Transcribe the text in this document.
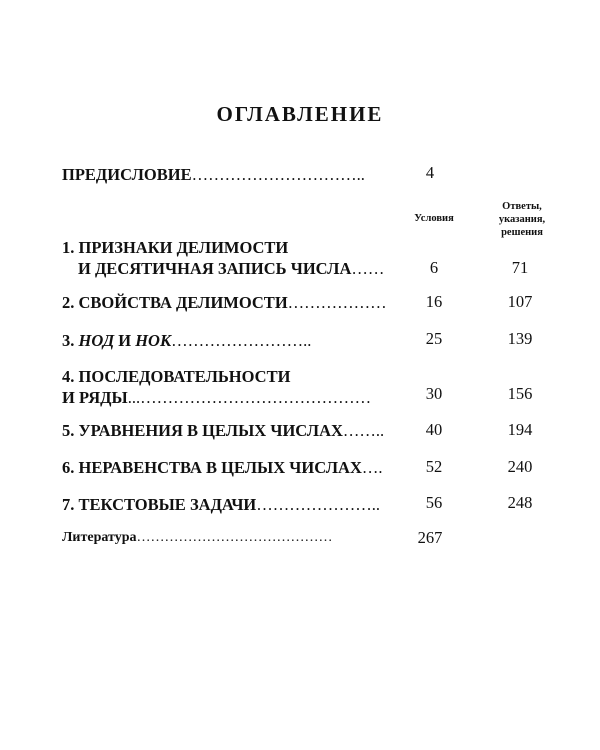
ОГЛАВЛЕНИЕ
ПРЕДИСЛОВИЕ…………………………..	4
Условия
Ответы,
указания,
решения
1. ПРИЗНАКИ ДЕЛИМОСТИ
И ДЕСЯТИЧНАЯ ЗАПИСЬ ЧИСЛА……	6	71
2. СВОЙСТВА ДЕЛИМОСТИ………………	16	107
3. НОД И НОК……………………..	25	139
4. ПОСЛЕДОВАТЕЛЬНОСТИ
И РЯДЫ...……………………………………	30	156
5. УРАВНЕНИЯ В ЦЕЛЫХ ЧИСЛАХ……..	40	194
6. НЕРАВЕНСТВА В ЦЕЛЫХ ЧИСЛАХ….	52	240
7. ТЕКСТОВЫЕ ЗАДАЧИ…………………..	56	248
Литература……………………………………	267
